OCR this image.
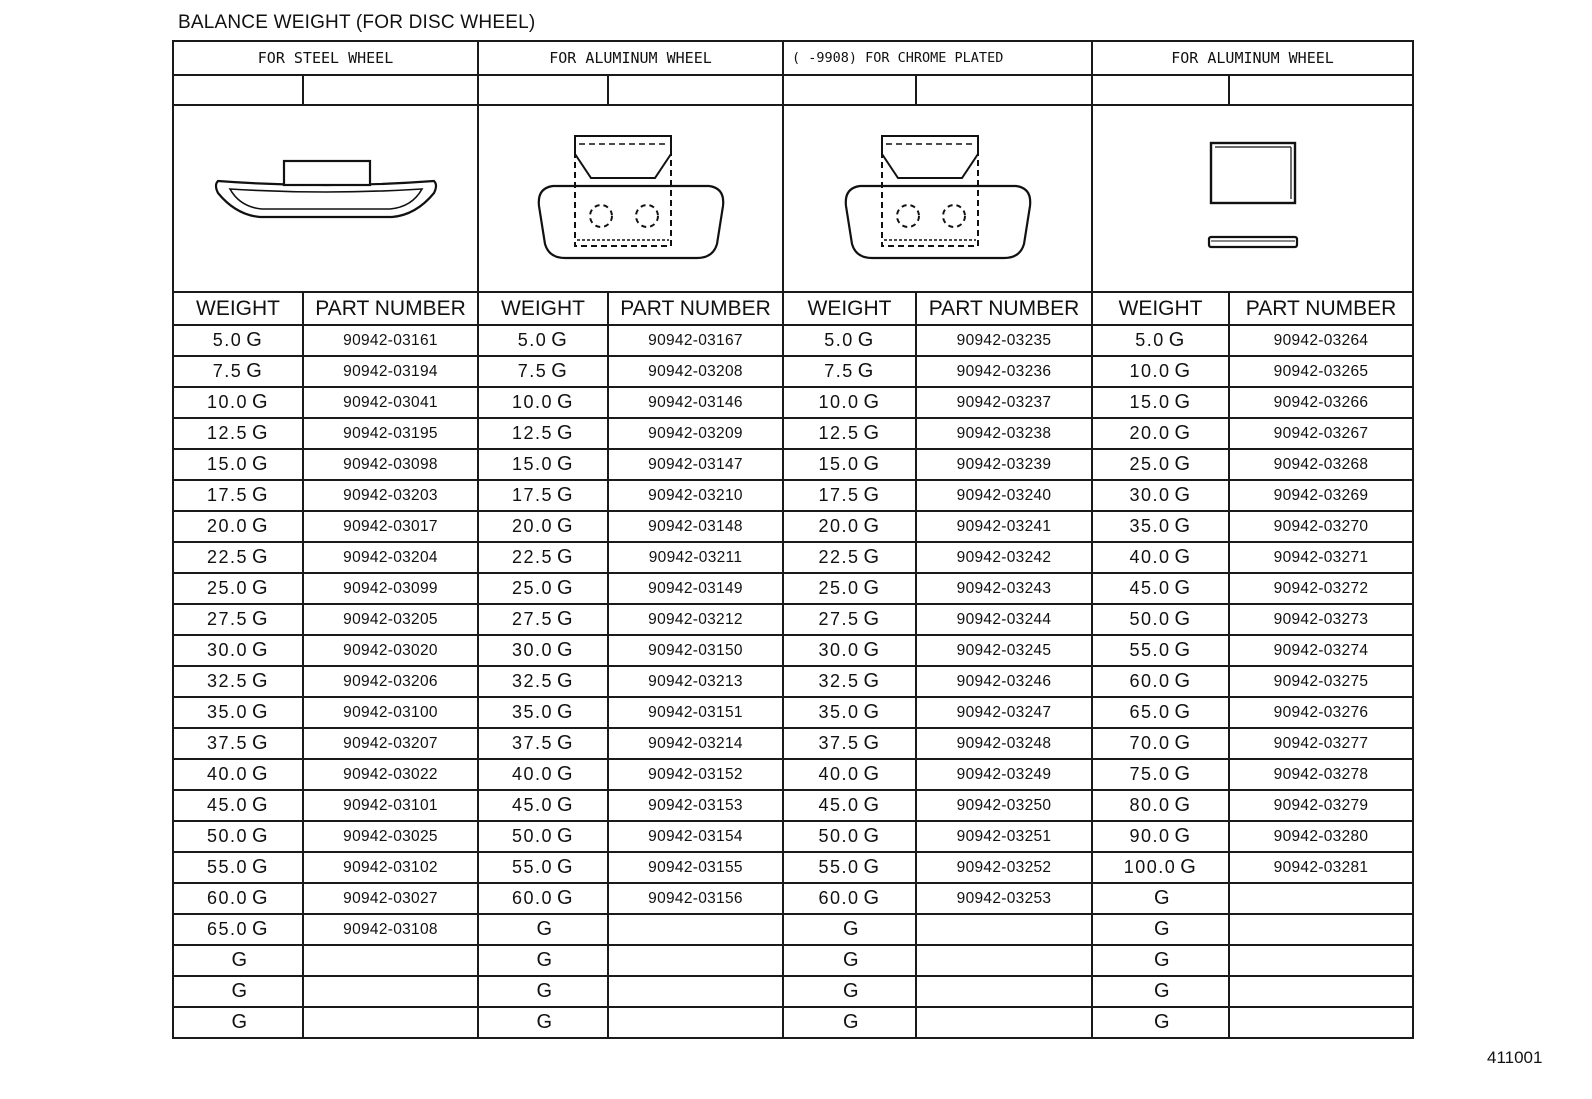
BALANCE WEIGHT (FOR DISC WHEEL)
FOR STEEL WHEEL		FOR ALUMINUM WHEEL		( -9908) FOR CHROME PLATED		FOR ALUMINUM WHEEL	

WEIGHT	PART NUMBER	WEIGHT	PART NUMBER	WEIGHT	PART NUMBER	WEIGHT	PART NUMBER
5.0 G	90942-03161	5.0 G	90942-03167	5.0 G	90942-03235	5.0 G	90942-03264
7.5 G	90942-03194	7.5 G	90942-03208	7.5 G	90942-03236	10.0 G	90942-03265
10.0 G	90942-03041	10.0 G	90942-03146	10.0 G	90942-03237	15.0 G	90942-03266
12.5 G	90942-03195	12.5 G	90942-03209	12.5 G	90942-03238	20.0 G	90942-03267
15.0 G	90942-03098	15.0 G	90942-03147	15.0 G	90942-03239	25.0 G	90942-03268
17.5 G	90942-03203	17.5 G	90942-03210	17.5 G	90942-03240	30.0 G	90942-03269
20.0 G	90942-03017	20.0 G	90942-03148	20.0 G	90942-03241	35.0 G	90942-03270
22.5 G	90942-03204	22.5 G	90942-03211	22.5 G	90942-03242	40.0 G	90942-03271
25.0 G	90942-03099	25.0 G	90942-03149	25.0 G	90942-03243	45.0 G	90942-03272
27.5 G	90942-03205	27.5 G	90942-03212	27.5 G	90942-03244	50.0 G	90942-03273
30.0 G	90942-03020	30.0 G	90942-03150	30.0 G	90942-03245	55.0 G	90942-03274
32.5 G	90942-03206	32.5 G	90942-03213	32.5 G	90942-03246	60.0 G	90942-03275
35.0 G	90942-03100	35.0 G	90942-03151	35.0 G	90942-03247	65.0 G	90942-03276
37.5 G	90942-03207	37.5 G	90942-03214	37.5 G	90942-03248	70.0 G	90942-03277
40.0 G	90942-03022	40.0 G	90942-03152	40.0 G	90942-03249	75.0 G	90942-03278
45.0 G	90942-03101	45.0 G	90942-03153	45.0 G	90942-03250	80.0 G	90942-03279
50.0 G	90942-03025	50.0 G	90942-03154	50.0 G	90942-03251	90.0 G	90942-03280
55.0 G	90942-03102	55.0 G	90942-03155	55.0 G	90942-03252	100.0 G	90942-03281
60.0 G	90942-03027	60.0 G	90942-03156	60.0 G	90942-03253	G	
65.0 G	90942-03108	G		G		G	
G		G		G		G	
G		G		G		G	
G		G		G		G	
411001
